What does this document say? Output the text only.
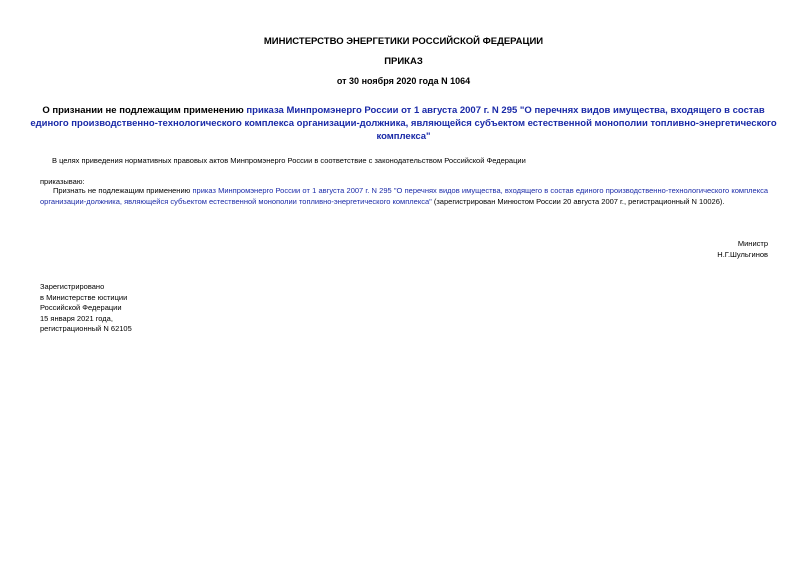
МИНИСТЕРСТВО ЭНЕРГЕТИКИ РОССИЙСКОЙ ФЕДЕРАЦИИ
ПРИКАЗ
от 30 ноября 2020 года N 1064
О признании не подлежащим применению приказа Минпромэнерго России от 1 августа 2007 г. N 295 "О перечнях видов имущества, входящего в состав единого производственно-технологического комплекса организации-должника, являющейся субъектом естественной монополии топливно-энергетического комплекса"
В целях приведения нормативных правовых актов Минпромэнерго России в соответствие с законодательством Российской Федерации
приказываю:
Признать не подлежащим применению приказ Минпромэнерго России от 1 августа 2007 г. N 295 "О перечнях видов имущества, входящего в состав единого производственно-технологического комплекса организации-должника, являющейся субъектом естественной монополии топливно-энергетического комплекса" (зарегистрирован Минюстом России 20 августа 2007 г., регистрационный N 10026).
Министр
Н.Г.Шульгинов
Зарегистрировано
в Министерстве юстиции
Российской Федерации
15 января 2021 года,
регистрационный N 62105
